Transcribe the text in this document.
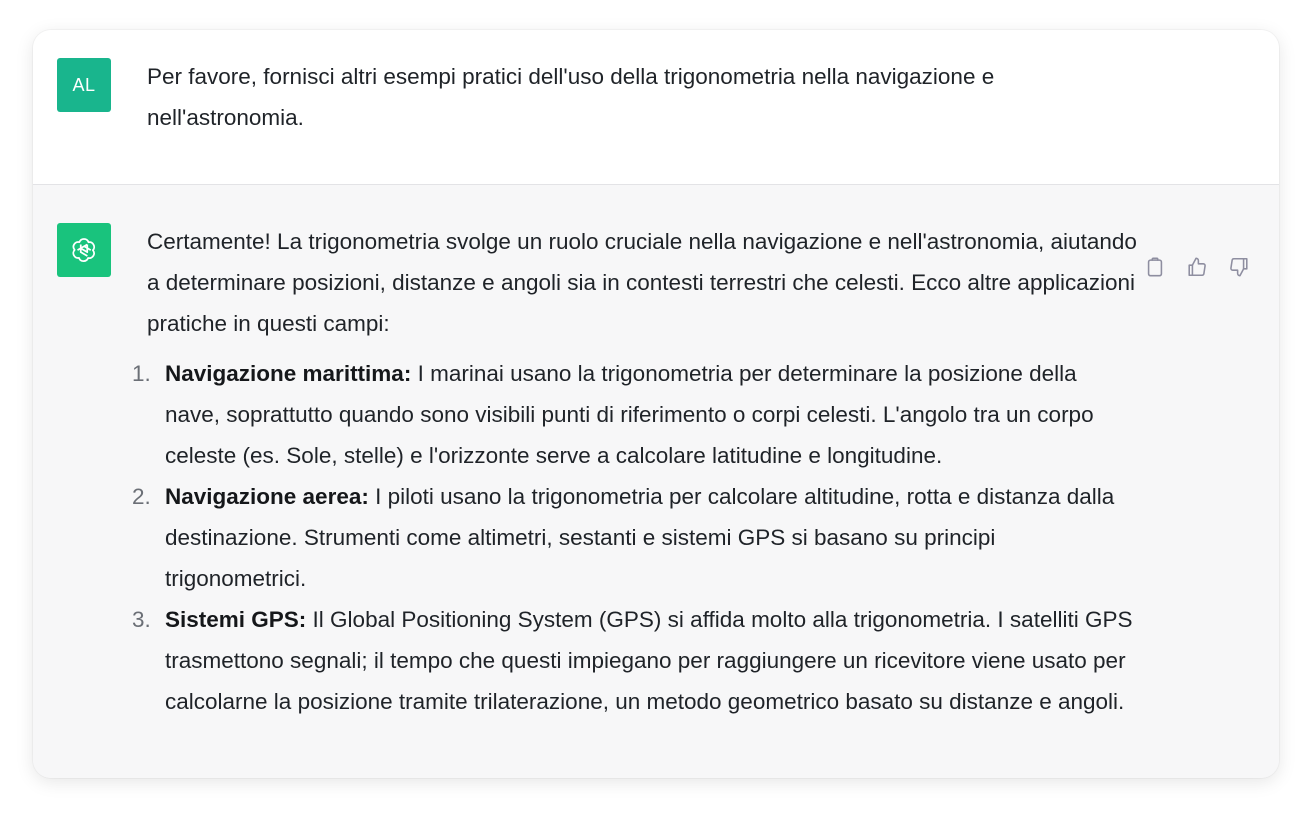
AL	Per favore, fornisci altri esempi pratici dell'uso della trigonometria nella navigazione e nell'astronomia.

Certamente! La trigonometria svolge un ruolo cruciale nella navigazione e nell'astronomia, aiutando a determinare posizioni, distanze e angoli sia in contesti terrestri che celesti. Ecco altre applicazioni pratiche in questi campi:

1. Navigazione marittima: I marinai usano la trigonometria per determinare la posizione della nave, soprattutto quando sono visibili punti di riferimento o corpi celesti. L'angolo tra un corpo celeste (es. Sole, stelle) e l'orizzonte serve a calcolare latitudine e longitudine.
2. Navigazione aerea: I piloti usano la trigonometria per calcolare altitudine, rotta e distanza dalla destinazione. Strumenti come altimetri, sestanti e sistemi GPS si basano su principi trigonometrici.
3. Sistemi GPS: Il Global Positioning System (GPS) si affida molto alla trigonometria. I satelliti GPS trasmettono segnali; il tempo che questi impiegano per raggiungere un ricevitore viene usato per calcolarne la posizione tramite trilaterazione, un metodo geometrico basato su distanze e angoli.
